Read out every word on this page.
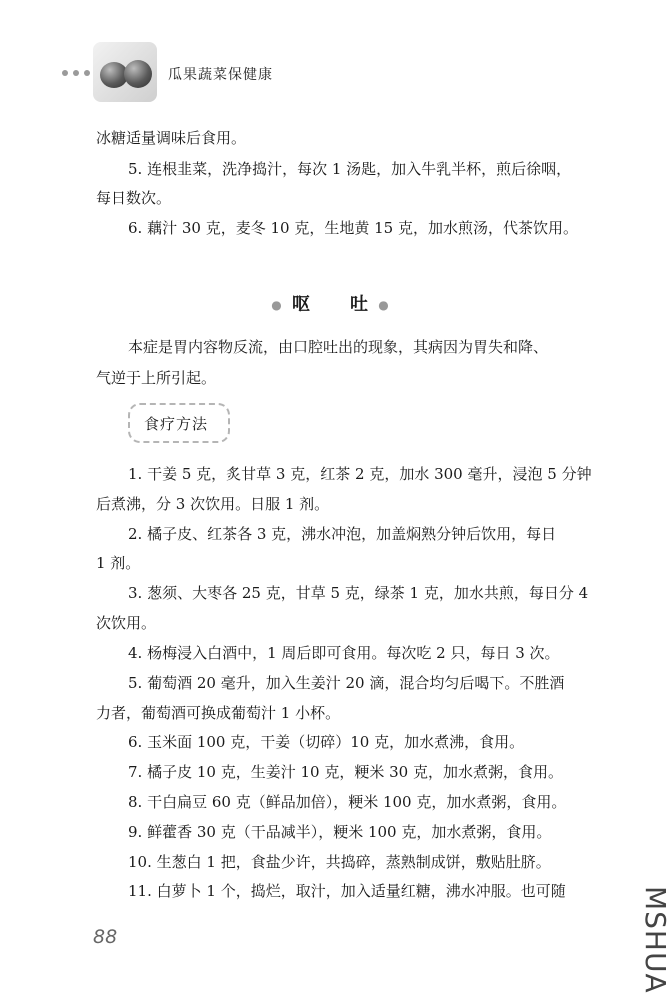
瓜果蔬菜保健康
冰糖适量调味后食用。
5. 连根韭菜，洗净捣汁，每次 1 汤匙，加入牛乳半杯，煎后徐咽，
每日数次。
6. 藕汁 30 克，麦冬 10 克，生地黄 15 克，加水煎汤，代茶饮用。
● 呕 吐 ●
本症是胃内容物反流，由口腔吐出的现象，其病因为胃失和降、
气逆于上所引起。
食疗方法
1. 干姜 5 克，炙甘草 3 克，红茶 2 克，加水 300 毫升，浸泡 5 分钟
后煮沸，分 3 次饮用。日服 1 剂。
2. 橘子皮、红茶各 3 克，沸水冲泡，加盖焖熟分钟后饮用，每日
1 剂。
3. 葱须、大枣各 25 克，甘草 5 克，绿茶 1 克，加水共煎，每日分 4
次饮用。
4. 杨梅浸入白酒中，1 周后即可食用。每次吃 2 只，每日 3 次。
5. 葡萄酒 20 毫升，加入生姜汁 20 滴，混合均匀后喝下。不胜酒
力者，葡萄酒可换成葡萄汁 1 小杯。
6. 玉米面 100 克，干姜（切碎）10 克，加水煮沸，食用。
7. 橘子皮 10 克，生姜汁 10 克，粳米 30 克，加水煮粥，食用。
8. 干白扁豆 60 克（鲜品加倍），粳米 100 克，加水煮粥，食用。
9. 鲜藿香 30 克（干品减半），粳米 100 克，加水煮粥，食用。
10. 生葱白 1 把，食盐少许，共捣碎，蒸熟制成饼，敷贴肚脐。
11. 白萝卜 1 个，捣烂，取汁，加入适量红糖，沸水冲服。也可随
88	MSHUA
